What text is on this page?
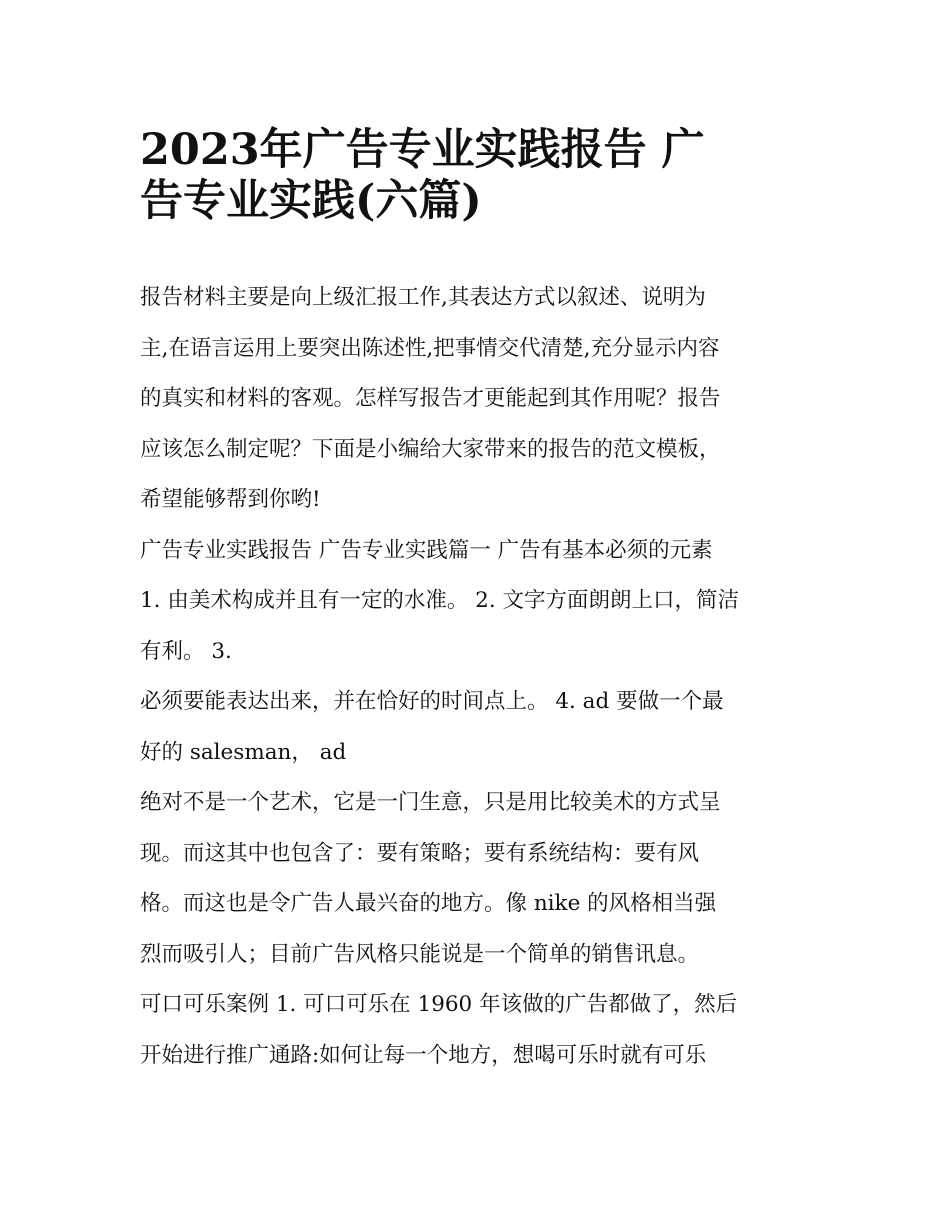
2023年广告专业实践报告 广
告专业实践(六篇)
报告材料主要是向上级汇报工作,其表达方式以叙述、说明为
主,在语言运用上要突出陈述性,把事情交代清楚,充分显示内容
的真实和材料的客观。怎样写报告才更能起到其作用呢？报告
应该怎么制定呢？下面是小编给大家带来的报告的范文模板，
希望能够帮到你哟!
广告专业实践报告 广告专业实践篇一 广告有基本必须的元素
1. 由美术构成并且有一定的水准。 2. 文字方面朗朗上口，简洁
有利。 3.
必须要能表达出来，并在恰好的时间点上。 4. ad 要做一个最
好的 salesman， ad
绝对不是一个艺术，它是一门生意，只是用比较美术的方式呈
现。而这其中也包含了：要有策略；要有系统结构：要有风
格。而这也是令广告人最兴奋的地方。像 nike 的风格相当强
烈而吸引人；目前广告风格只能说是一个简单的销售讯息。
可口可乐案例 1. 可口可乐在 1960 年该做的广告都做了，然后
开始进行推广通路:如何让每一个地方，想喝可乐时就有可乐
